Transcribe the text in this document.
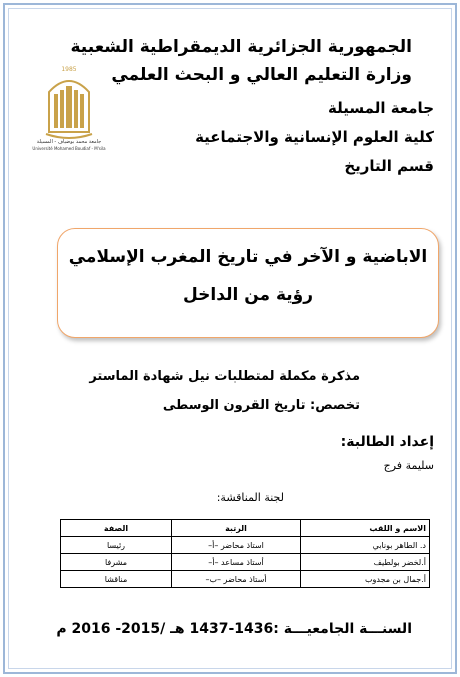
الجمهورية الجزائرية الديمقراطية الشعبية
وزارة التعليم العالي و البحث العلمي
جامعة المسيلة
كلية العلوم الإنسانية والاجتماعية
قسم التاريخ
1985
جامعة محمد بوضياف - المسيلة
Université Mohamed Boudiaf - M'sila
الاباضية و الآخر في تاريخ المغرب الإسلامي
رؤية من الداخل
مذكرة مكملة لمتطلبات نيل شهادة الماستر
تخصص: تاريخ القرون الوسطى
إعداد الطالبة:
سليمة فرج
لجنة المناقشة:
الاسم و اللقب	الرتبة	الصفة
د. الطاهر بونابي	استاذ محاضر –أ–	رئيسا
أ.لخضر بولطيف	أستاذ مساعد –أ–	مشرفا
أ.جمال بن مجدوب	أستاذ محاضر –ب–	مناقشا
السنـــة الجامعيـــة :1436-1437 هـ /2015- 2016 م
